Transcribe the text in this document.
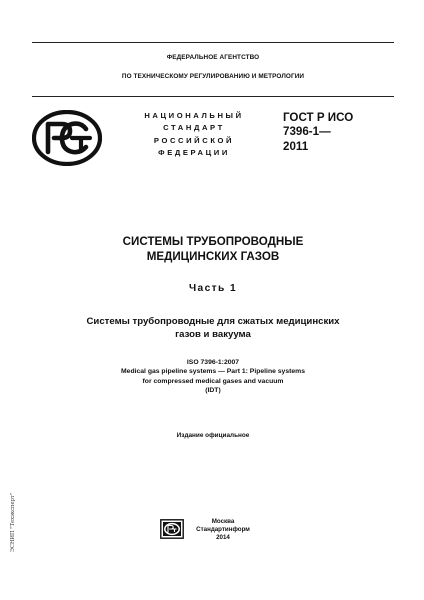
ФЕДЕРАЛЬНОЕ АГЕНТСТВО
ПО ТЕХНИЧЕСКОМУ РЕГУЛИРОВАНИЮ И МЕТРОЛОГИИ
НАЦИОНАЛЬНЫЙ
СТАНДАРТ
РОССИЙСКОЙ
ФЕДЕРАЦИИ
ГОСТ Р ИСО
7396-1—
2011
СИСТЕМЫ ТРУБОПРОВОДНЫЕ
МЕДИЦИНСКИХ ГАЗОВ
Часть 1
Системы трубопроводные для сжатых медицинских
газов и вакуума
ISO 7396-1:2007
Medical gas pipeline systems — Part 1: Pipeline systems
for compressed medical gases and vacuum
(IDT)
Издание официальное
Москва
Стандартинформ
2014
ЭСНИП "Техэксперт"
